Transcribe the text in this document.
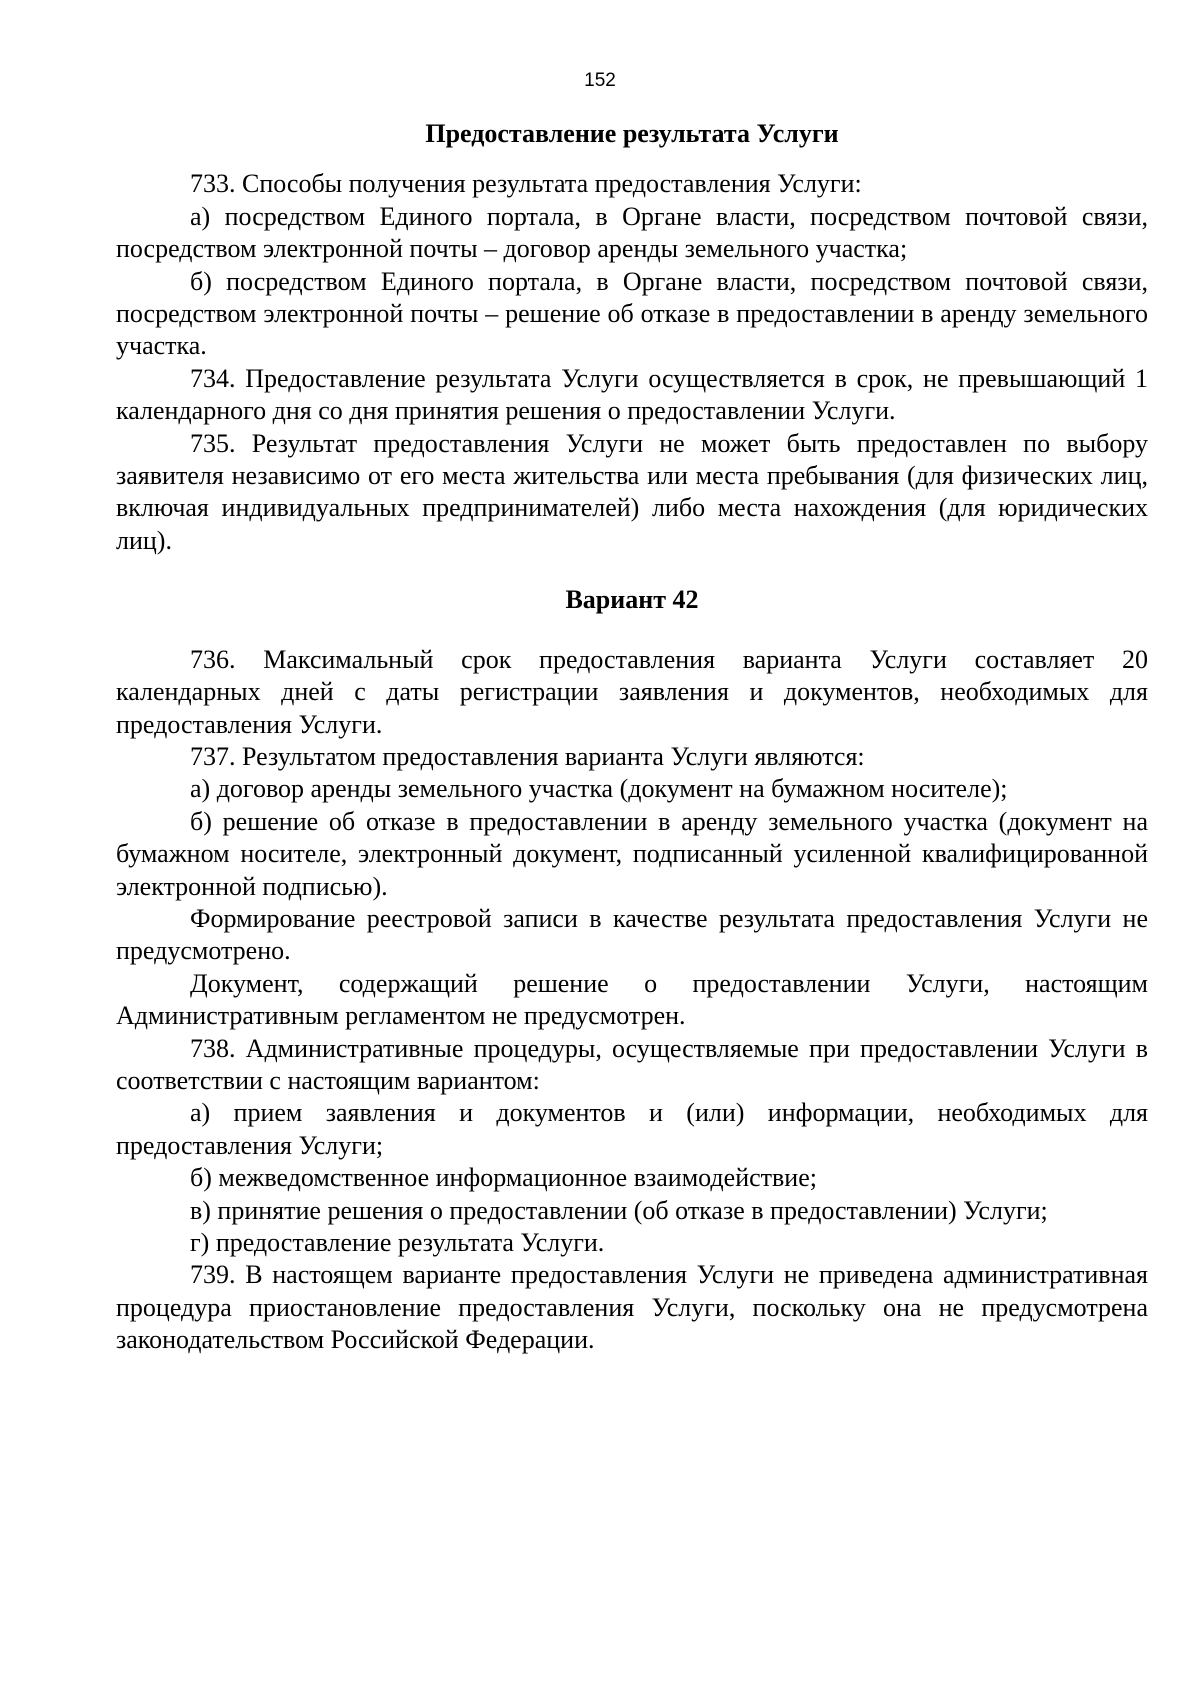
152
Предоставление результата Услуги

733. Способы получения результата предоставления Услуги:

а) посредством Единого портала, в Органе власти, посредством почтовой связи, посредством электронной почты – договор аренды земельного участка;

б) посредством Единого портала, в Органе власти, посредством почтовой связи, посредством электронной почты – решение об отказе в предоставлении в аренду земельного участка.

734. Предоставление результата Услуги осуществляется в срок, не превышающий 1 календарного дня со дня принятия решения о предоставлении Услуги.

735. Результат предоставления Услуги не может быть предоставлен по выбору заявителя независимо от его места жительства или места пребывания (для физических лиц, включая индивидуальных предпринимателей) либо места нахождения (для юридических лиц).

Вариант 42

736. Максимальный срок предоставления варианта Услуги составляет 20 календарных дней с даты регистрации заявления и документов, необходимых для предоставления Услуги.

737. Результатом предоставления варианта Услуги являются:

а) договор аренды земельного участка (документ на бумажном носителе);

б) решение об отказе в предоставлении в аренду земельного участка (документ на бумажном носителе, электронный документ, подписанный усиленной квалифицированной электронной подписью).

Формирование реестровой записи в качестве результата предоставления Услуги не предусмотрено.

Документ, содержащий решение о предоставлении Услуги, настоящим Административным регламентом не предусмотрен.

738. Административные процедуры, осуществляемые при предоставлении Услуги в соответствии с настоящим вариантом:

а) прием заявления и документов и (или) информации, необходимых для предоставления Услуги;

б) межведомственное информационное взаимодействие;

в) принятие решения о предоставлении (об отказе в предоставлении) Услуги;

г) предоставление результата Услуги.

739. В настоящем варианте предоставления Услуги не приведена административная процедура приостановление предоставления Услуги, поскольку она не предусмотрена законодательством Российской Федерации.
